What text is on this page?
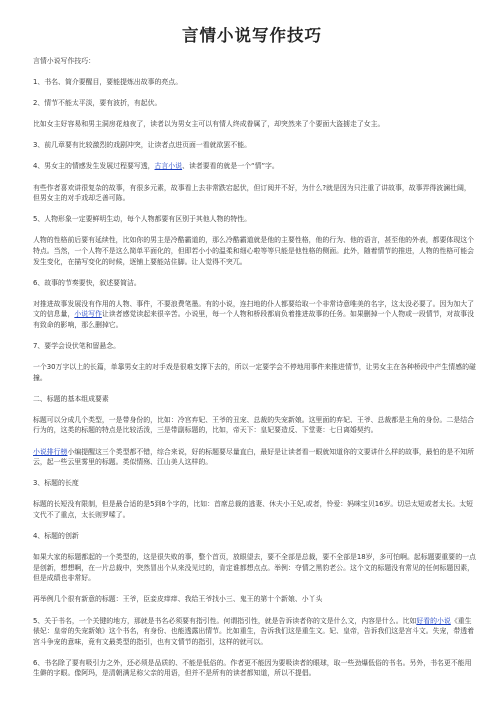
言情小说写作技巧

言情小说写作技巧：

1、书名、简介要醒目，要能提炼出故事的亮点。

2、情节不能太平淡，要有波折，有起伏。

比如女主好容易和男主洞房花烛夜了，读者以为男女主可以有情人终成眷属了，却突然来了个要面大盗掳走了女主。

3、前几章要有比较激烈的戏剧冲突，让读者点进页面一看就欲罢不能。

4、男女主的情感发生发展过程要写透，古言小说、读者要看的就是一个“情”字。

有些作者喜欢讲很复杂的故事，有很多元素，故事看上去非常跌宕起伏，但订阅并不好，为什么?就是因为只注重了讲故事，故事弄得波澜壮阔，但男女主的对手戏却乏善可陈。

5、人物形象一定要鲜明生动，每个人物都要有区别于其他人物的特性。

人物的性格前后要有延续性，比如你的男主是冷酷霸道的，那么冷酷霸道就是他的主要性格，他的行为、他的语言，甚至他的外表，都要体现这个特点。当然，一个人物不是这么简单平面化的，但即若小小的温柔和细心啦等等只能是他性格的侧面。此外，随着情节的推进，人物的性格可能会发生变化，在描写变化的时候，逐铺上要能站住脚。让人觉得不突兀。

6、故事的节奏要快，叙述要简洁。

对推进故事发展没有作用的人物、事件，不要浪费笔墨。有的小说，连扫地的仆人都要给取一个非常诗意唯美的名字，这太没必要了。因为加大了文的信息量，小说写作让读者感觉读起来很辛苦。小说里，每一个人物和桥段都肩负着推进故事的任务。如果删掉一个人物或一段情节，对故事没有致命的影响，那么删掉它。

7、要学会设伏笔和留悬念。

一个30万字以上的长篇，单靠男女主的对手戏是很难支撑下去的，所以一定要学会不停地用事件来推进情节，让男女主在各种桥段中产生情感的碰撞。

二、标题的基本组成要素

标题可以分成几个类型，一是带身份的，比如：冷宫弃妃、王爷的丑宠、总裁的失宠新娘。这里面的弃妃、王爷、总裁都是主角的身份。二是结合行为的，这类的标题的特点是比较活泼，三是带副标题的，比如，帝天下：皇妃要造反、下堂妻：七日离婚契约。

小说排行榜小编提醒这三个类型都不错，综合来说，好的标题要尽量直白，最好是让读者看一眼就知道你的文要讲什么样的故事，最怕的是不知所云，起一些云里雾里的标题。类似情殇、江山美人这样的。

3、标题的长度

标题的长短没有限制，但是最合适的是5到8个字的，比如：首席总裁的逃妻、休夫小王妃,或者，怜爱：妈咪宝贝16岁。切忌太短或者太长。太短文代不了重点，太长则罗嗦了。

4、标题的创新

如果大家的标题都起的一个类型的，这是很失败的事，整个首页，放眼望去，要不全部是总裁，要不全部是18岁，多可怕啊。起标题要重要的一点是创新，想想啊，在一片总裁中，突然冒出个从来没见过的，肯定谁都想点点。举例：夺情之黑豹老公。这个文的标题没有常见的任何标题因素，但是成绩也非常好。

再举例几个很有新意的标题：王爷，臣妾皮痒痒、我给王爷找小三、鬼王的第十个新娘、小丫头

5、关于书名，一个关键的地方，那就是书名必须要有指引性。何谓指引性，就是告诉读者你的文是什么文，内容是什么。比如好看的小说《重生俵妃：皇帝的失宠新娘》这个书名，有身份、也能透露出情节。比如重生，告诉我们这是重生文。妃、皇帝，告诉我们这是宫斗文。失宠，带透着宫斗争宠的意味，竟有文最类型的指引，也有文情节的指引，这样的就可以。

6、书名除了要有吸引力之外，还必须是品质的、不能是低俗的。作者更不能因为要吸读者的眼球，取一些劲爆低俗的书名。另外，书名更不能用生僻的字眼。像阿玛，是清朝满足称父亲的用语，但并不是所有的读者都知道，所以不提倡。
